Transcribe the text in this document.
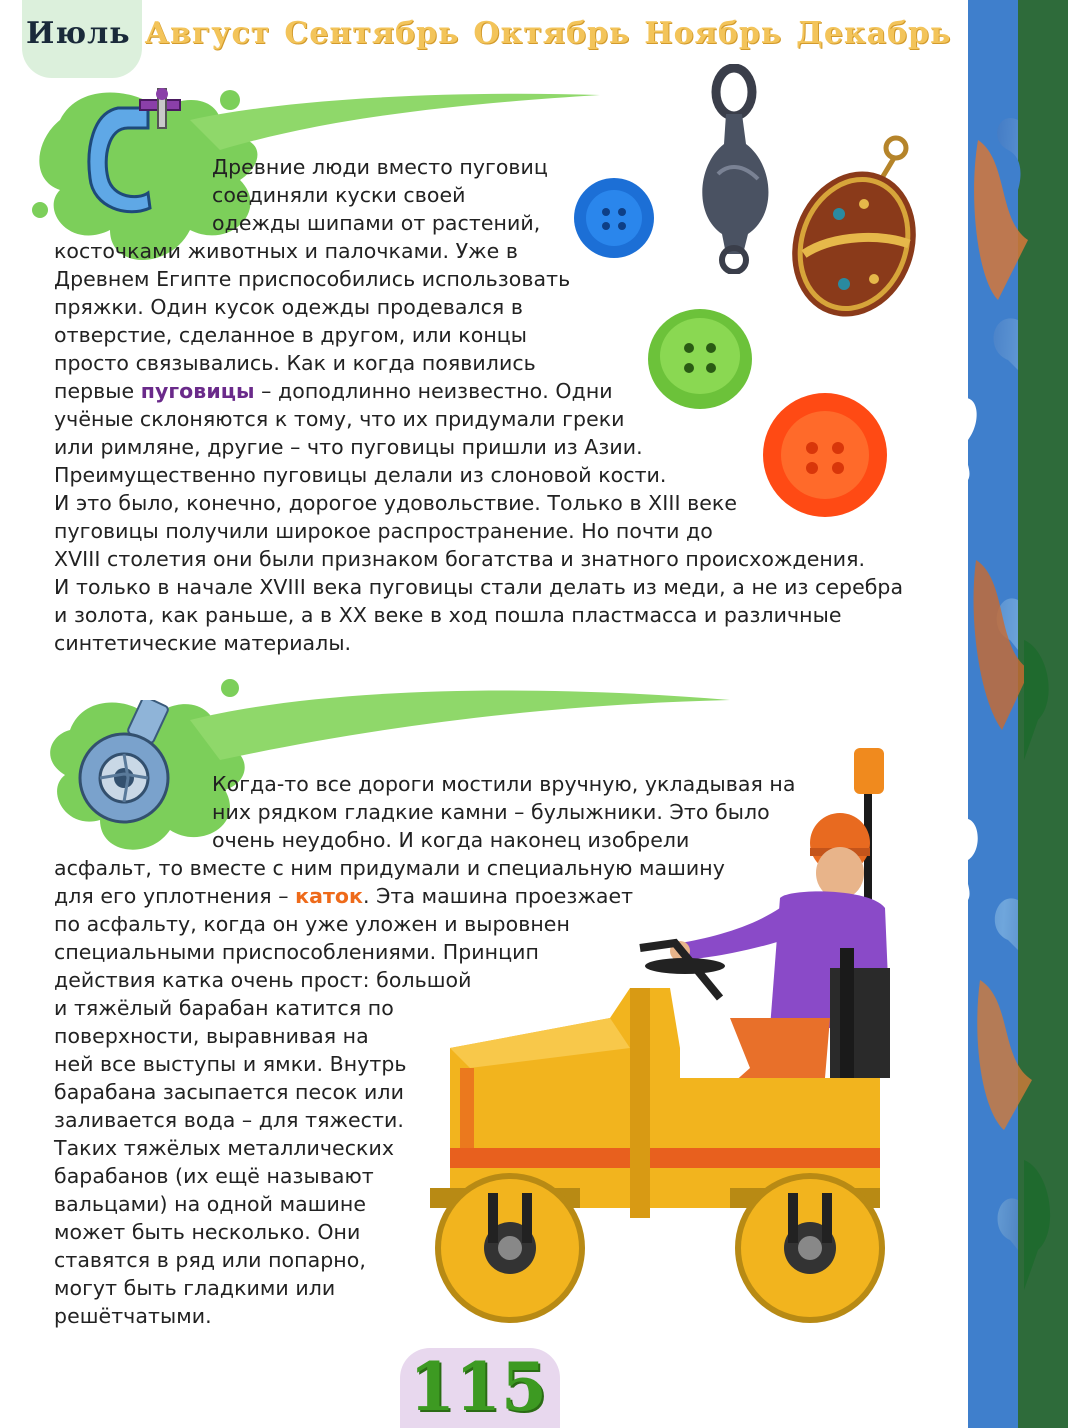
Июль Август Сентябрь Октябрь Ноябрь Декабрь
Древние люди вместо пуговиц
соединяли куски своей
одежды шипами от растений,
косточками животных и палочками. Уже в
Древнем Египте приспособились использовать
пряжки. Один кусок одежды продевался в
отверстие, сделанное в другом, или концы
просто связывались. Как и когда появились
первые пуговицы – доподлинно неизвестно. Одни
учёные склоняются к тому, что их придумали греки
или римляне, другие – что пуговицы пришли из Азии.
Преимущественно пуговицы делали из слоновой кости.
И это было, конечно, дорогое удовольствие. Только в XIII веке
пуговицы получили широкое распространение. Но почти до
XVIII столетия они были признаком богатства и знатного происхождения.
И только в начале XVIII века пуговицы стали делать из меди, а не из серебра
и золота, как раньше, а в XX веке в ход пошла пластмасса и различные
синтетические материалы.
Когда-то все дороги мостили вручную, укладывая на
них рядком гладкие камни – булыжники. Это было
очень неудобно. И когда наконец изобрели
асфальт, то вместе с ним придумали и специальную машину
для его уплотнения – каток. Эта машина проезжает
по асфальту, когда он уже уложен и выровнен
специальными приспособлениями. Принцип
действия катка очень прост: большой
и тяжёлый барабан катится по
поверхности, выравнивая на
ней все выступы и ямки. Внутрь
барабана засыпается песок или
заливается вода – для тяжести.
Таких тяжёлых металлических
барабанов (их ещё называют
вальцами) на одной машине
может быть несколько. Они
ставятся в ряд или попарно,
могут быть гладкими или
решётчатыми.
115
